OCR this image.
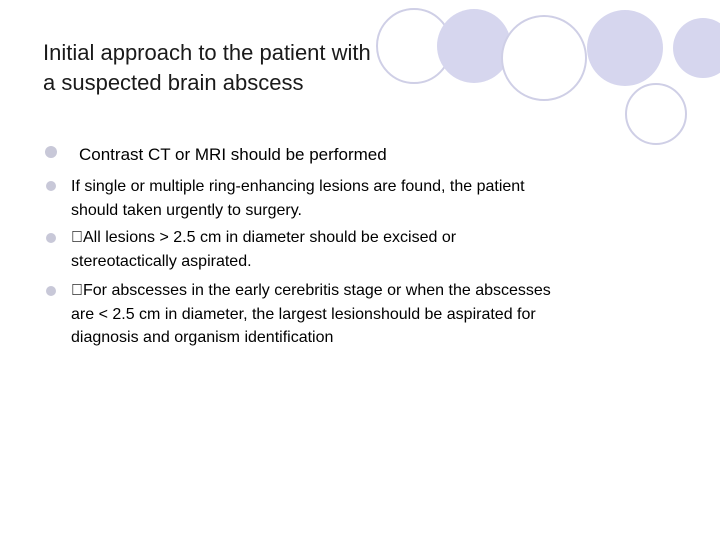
Initial approach to the patient with
a suspected brain abscess
Contrast CT or MRI should be performed
If single or multiple ring-enhancing lesions are found, the patient
should taken urgently to surgery.
 All lesions > 2.5 cm in diameter should be excised or
stereotactically aspirated.
 For abscesses in the early cerebritis stage or when the abscesses
are < 2.5 cm in diameter, the largest lesionshould be aspirated for
diagnosis and organism identification
